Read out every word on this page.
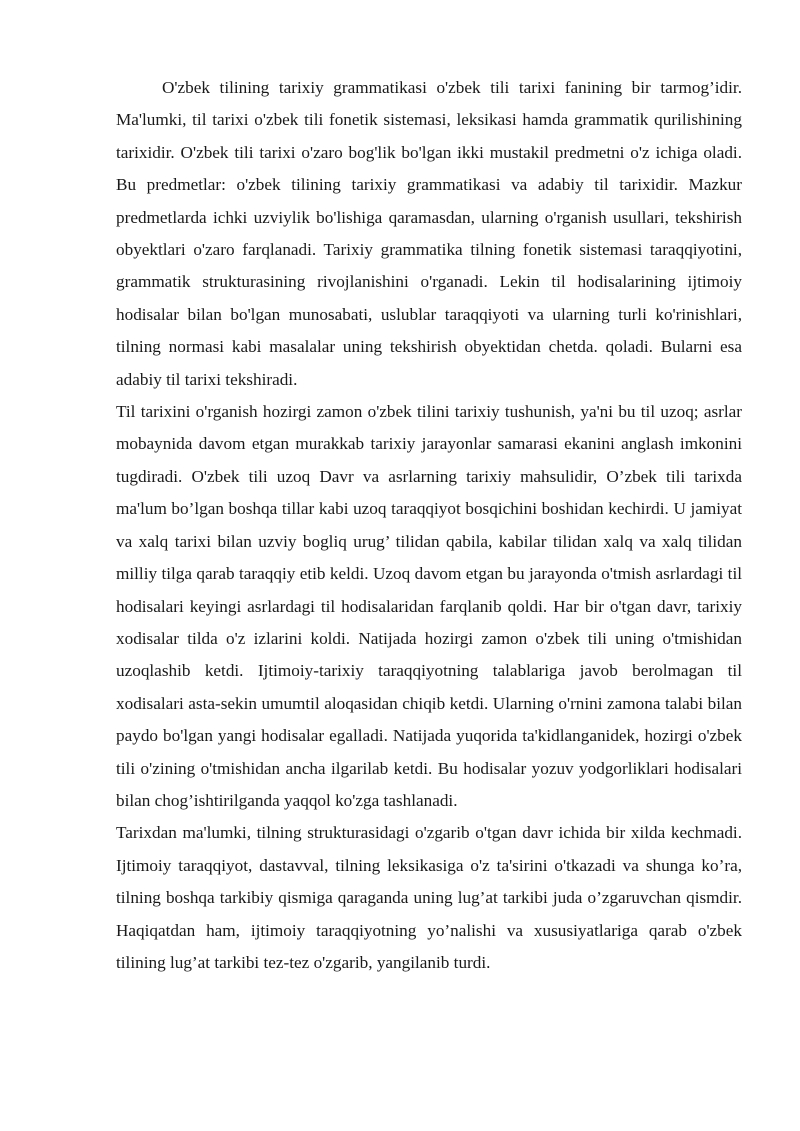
O'zbek tilining tarixiy grammatikasi o'zbek tili tarixi fanining bir tarmog’idir. Ma'lumki, til tarixi o'zbek tili fonetik sistemasi, leksikasi hamda grammatik qurilishining tarixidir. O'zbek tili tarixi o'zaro bog'lik bo'lgan ikki mustakil predmetni o'z ichiga oladi. Bu predmetlar: o'zbek tilining tarixiy grammatikasi va adabiy til tarixidir. Mazkur predmetlarda ichki uzviylik bo'lishiga qaramasdan, ularning o'rganish usullari, tekshirish obyektlari o'zaro farqlanadi. Tarixiy grammatika tilning fonetik sistemasi taraqqiyotini, grammatik strukturasining rivojlanishini o'rganadi. Lekin til hodisalarining ijtimoiy hodisalar bilan bo'lgan munosabati, uslublar taraqqiyoti va ularning turli ko'rinishlari, tilning normasi kabi masalalar uning tekshirish obyektidan chetda. qoladi. Bularni esa adabiy til tarixi tekshiradi.

Til tarixini o'rganish hozirgi zamon o'zbek tilini tarixiy tushunish, ya'ni bu til uzoq; asrlar mobaynida davom etgan murakkab tarixiy jarayonlar samarasi ekanini anglash imkonini tugdiradi. O'zbek tili uzoq Davr va asrlarning tarixiy mahsulidir, O’zbek tili tarixda ma'lum bo’lgan boshqa tillar kabi uzoq taraqqiyot bosqichini boshidan kechirdi. U jamiyat va xalq tarixi bilan uzviy bogliq urug’ tilidan qabila, kabilar tilidan xalq va xalq tilidan milliy tilga qarab taraqqiy etib keldi. Uzoq davom etgan bu jarayonda o'tmish asrlardagi til hodisalari keyingi asrlardagi til hodisalaridan farqlanib qoldi. Har bir o'tgan davr, tarixiy xodisalar tilda o'z izlarini koldi. Natijada hozirgi zamon o'zbek tili uning o'tmishidan uzoqlashib ketdi. Ijtimoiy-tarixiy taraqqiyotning talablariga javob berolmagan til xodisalari asta-sekin umumtil aloqasidan chiqib ketdi. Ularning o'rnini zamona talabi bilan paydo bo'lgan yangi hodisalar egalladi. Natijada yuqorida ta'kidlanganidek, hozirgi o'zbek tili o'zining o'tmishidan ancha ilgarilab ketdi. Bu hodisalar yozuv yodgorliklari hodisalari bilan chog’ishtirilganda yaqqol ko'zga tashlanadi.

Tarixdan ma'lumki, tilning strukturasidagi o'zgarib o'tgan davr ichida bir xilda kechmadi. Ijtimoiy taraqqiyot, dastavval, tilning leksikasiga o'z ta'sirini o'tkazadi va shunga ko’ra, tilning boshqa tarkibiy qismiga qaraganda uning lug’at tarkibi juda o’zgaruvchan qismdir. Haqiqatdan ham, ijtimoiy taraqqiyotning yo’nalishi va xususiyatlariga qarab o'zbek tilining lug’at tarkibi tez-tez o'zgarib, yangilanib turdi.
